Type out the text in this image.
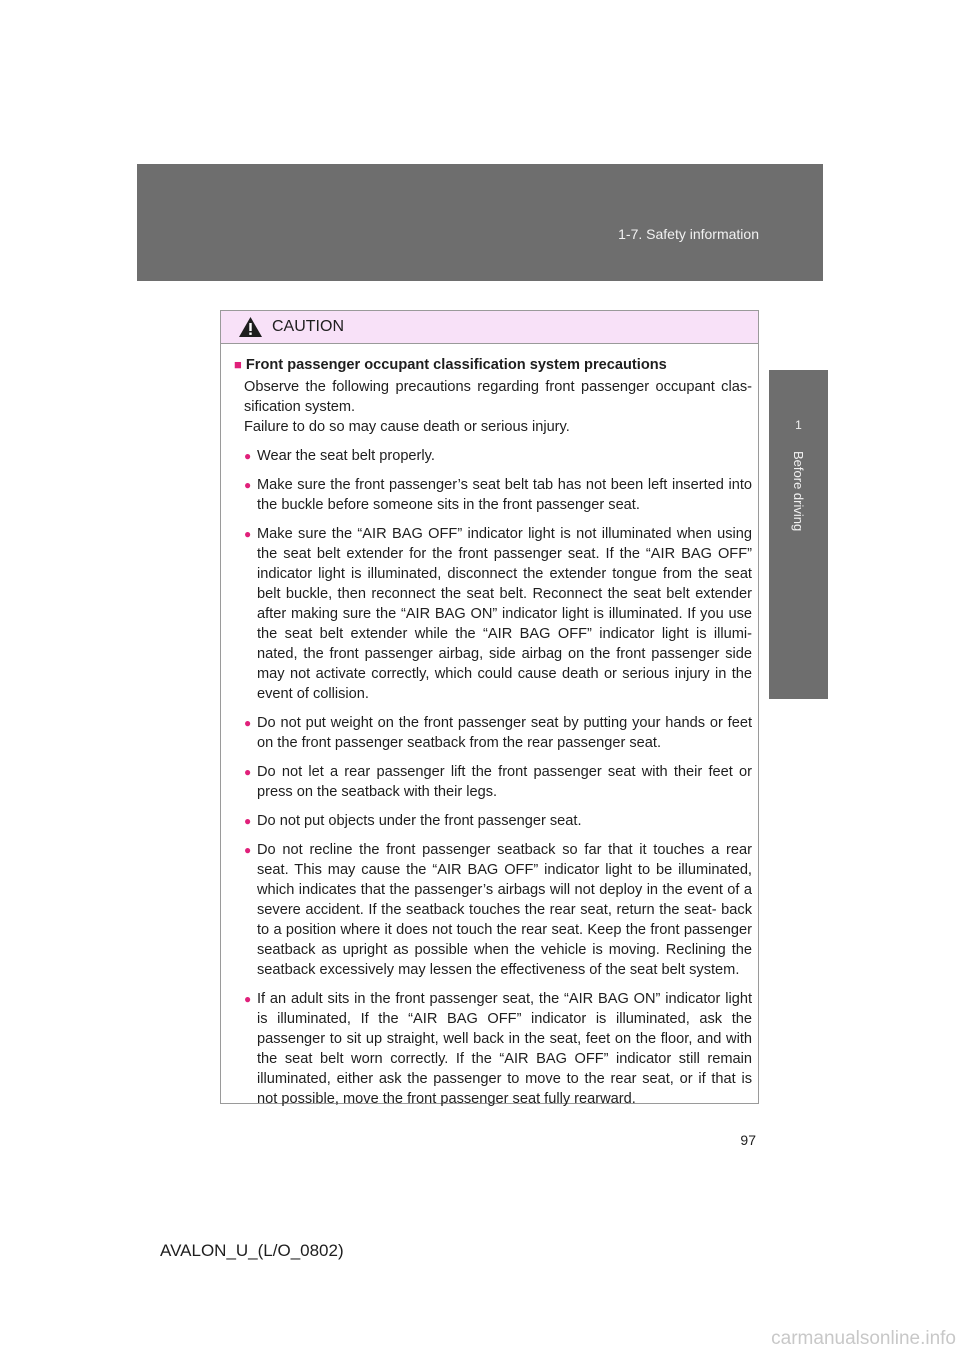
1-7. Safety information
1
Before driving
CAUTION
■ Front passenger occupant classification system precautions
Observe the following precautions regarding front passenger occupant clas- sification system.
Failure to do so may cause death or serious injury.
● Wear the seat belt properly.
● Make sure the front passenger’s seat belt tab has not been left inserted into the buckle before someone sits in the front passenger seat.
● Make sure the “AIR BAG OFF” indicator light is not illuminated when using the seat belt extender for the front passenger seat. If the “AIR BAG OFF” indicator light is illuminated, disconnect the extender tongue from the seat belt buckle, then reconnect the seat belt. Reconnect the seat belt extender after making sure the “AIR BAG ON” indicator light is illuminated. If you use the seat belt extender while the “AIR BAG OFF” indicator light is illumi- nated, the front passenger airbag, side airbag on the front passenger side may not activate correctly, which could cause death or serious injury in the event of collision.
● Do not put weight on the front passenger seat by putting your hands or feet on the front passenger seatback from the rear passenger seat.
● Do not let a rear passenger lift the front passenger seat with their feet or press on the seatback with their legs.
● Do not put objects under the front passenger seat.
● Do not recline the front passenger seatback so far that it touches a rear seat. This may cause the “AIR BAG OFF” indicator light to be illuminated, which indicates that the passenger’s airbags will not deploy in the event of a severe accident. If the seatback touches the rear seat, return the seat- back to a position where it does not touch the rear seat. Keep the front passenger seatback as upright as possible when the vehicle is moving. Reclining the seatback excessively may lessen the effectiveness of the seat belt system.
● If an adult sits in the front passenger seat, the “AIR BAG ON” indicator light is illuminated, If the “AIR BAG OFF” indicator is illuminated, ask the passenger to sit up straight, well back in the seat, feet on the floor, and with the seat belt worn correctly. If the “AIR BAG OFF” indicator still remain illuminated, either ask the passenger to move to the rear seat, or if that is not possible, move the front passenger seat fully rearward.
97
AVALON_U_(L/O_0802)
carmanualsonline.info
